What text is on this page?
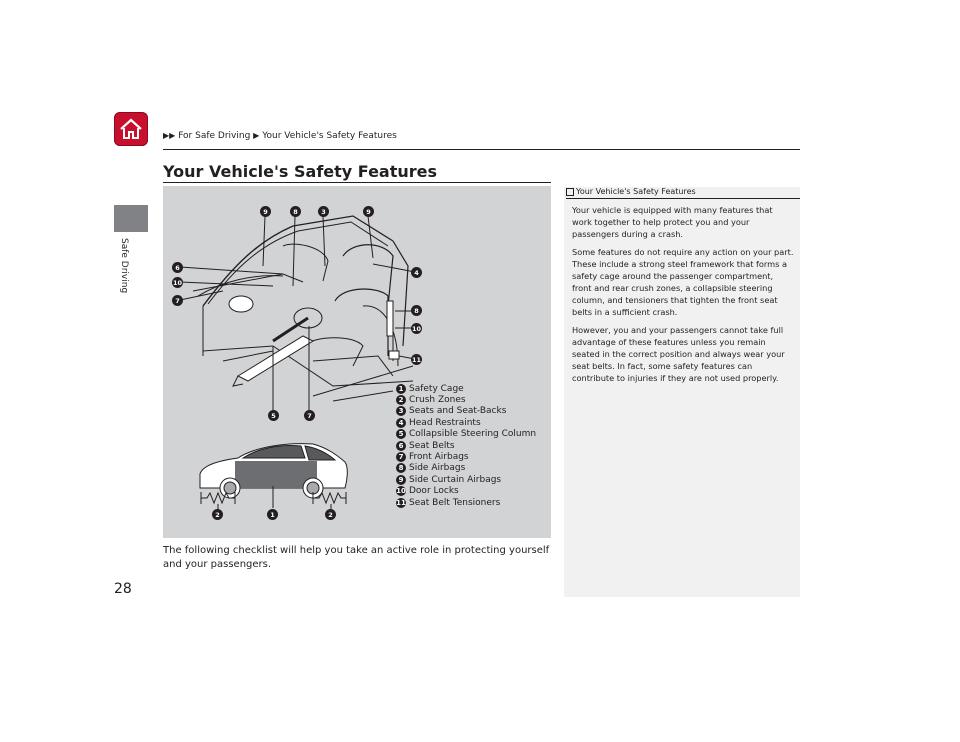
Safe Driving
28
▶▶ For Safe Driving ▶ Your Vehicle's Safety Features
Your Vehicle's Safety Features
9	8	3	9
6
4
10
7
8
10
11
5	7
2	1	2
1 Safety Cage
2 Crush Zones
3 Seats and Seat-Backs
4 Head Restraints
5 Collapsible Steering Column
6 Seat Belts
7 Front Airbags
8 Side Airbags
9 Side Curtain Airbags
10 Door Locks
11 Seat Belt Tensioners
The following checklist will help you take an active role in protecting yourself and your passengers.
Your Vehicle's Safety Features

Your vehicle is equipped with many features that work together to help protect you and your passengers during a crash.

Some features do not require any action on your part. These include a strong steel framework that forms a safety cage around the passenger compartment, front and rear crush zones, a collapsible steering column, and tensioners that tighten the front seat belts in a sufficient crash.

However, you and your passengers cannot take full advantage of these features unless you remain seated in the correct position and always wear your seat belts. In fact, some safety features can contribute to injuries if they are not used properly.
